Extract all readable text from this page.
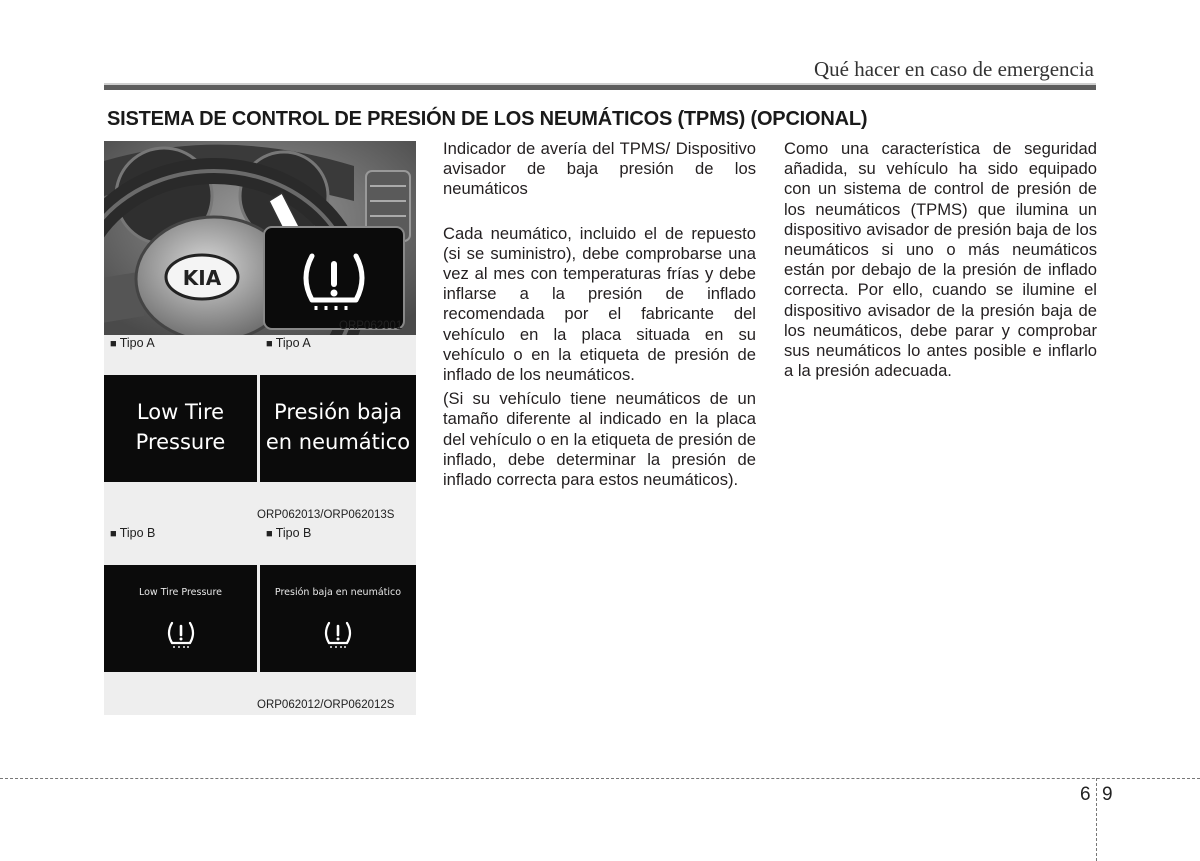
Qué hacer en caso de emergencia
SISTEMA DE CONTROL DE PRESIÓN DE LOS NEUMÁTICOS (TPMS) (OPCIONAL)
KIA
ORP062001
■ Tipo A	■ Tipo A
Low Tire
Pressure
Presión baja
en neumático
ORP062013/ORP062013S
■ Tipo B	■ Tipo B
Low Tire Pressure	Presión baja en neumático
ORP062012/ORP062012S

Indicador de avería del TPMS/ Dispositivo avisador de baja presión de los neumáticos

Cada neumático, incluido el de repuesto (si se suministro), debe comprobarse una vez al mes con temperaturas frías y debe inflarse a la presión de inflado recomendada por el fabricante del vehículo en la placa situada en su vehículo o en la etiqueta de presión de inflado de los neumáticos.

(Si su vehículo tiene neumáticos de un tamaño diferente al indicado en la placa del vehículo o en la etiqueta de presión de inflado, debe determinar la presión de inflado correcta para estos neumáticos).

Como una característica de seguridad añadida, su vehículo ha sido equipado con un sistema de control de presión de los neumáticos (TPMS) que ilumina un dispositivo avisador de presión baja de los neumáticos si uno o más neumáticos están por debajo de la presión de inflado correcta. Por ello, cuando se ilumine el dispositivo avisador de la presión baja de los neumáticos, debe parar y comprobar sus neumáticos lo antes posible e inflarlo a la presión adecuada.

6 9
